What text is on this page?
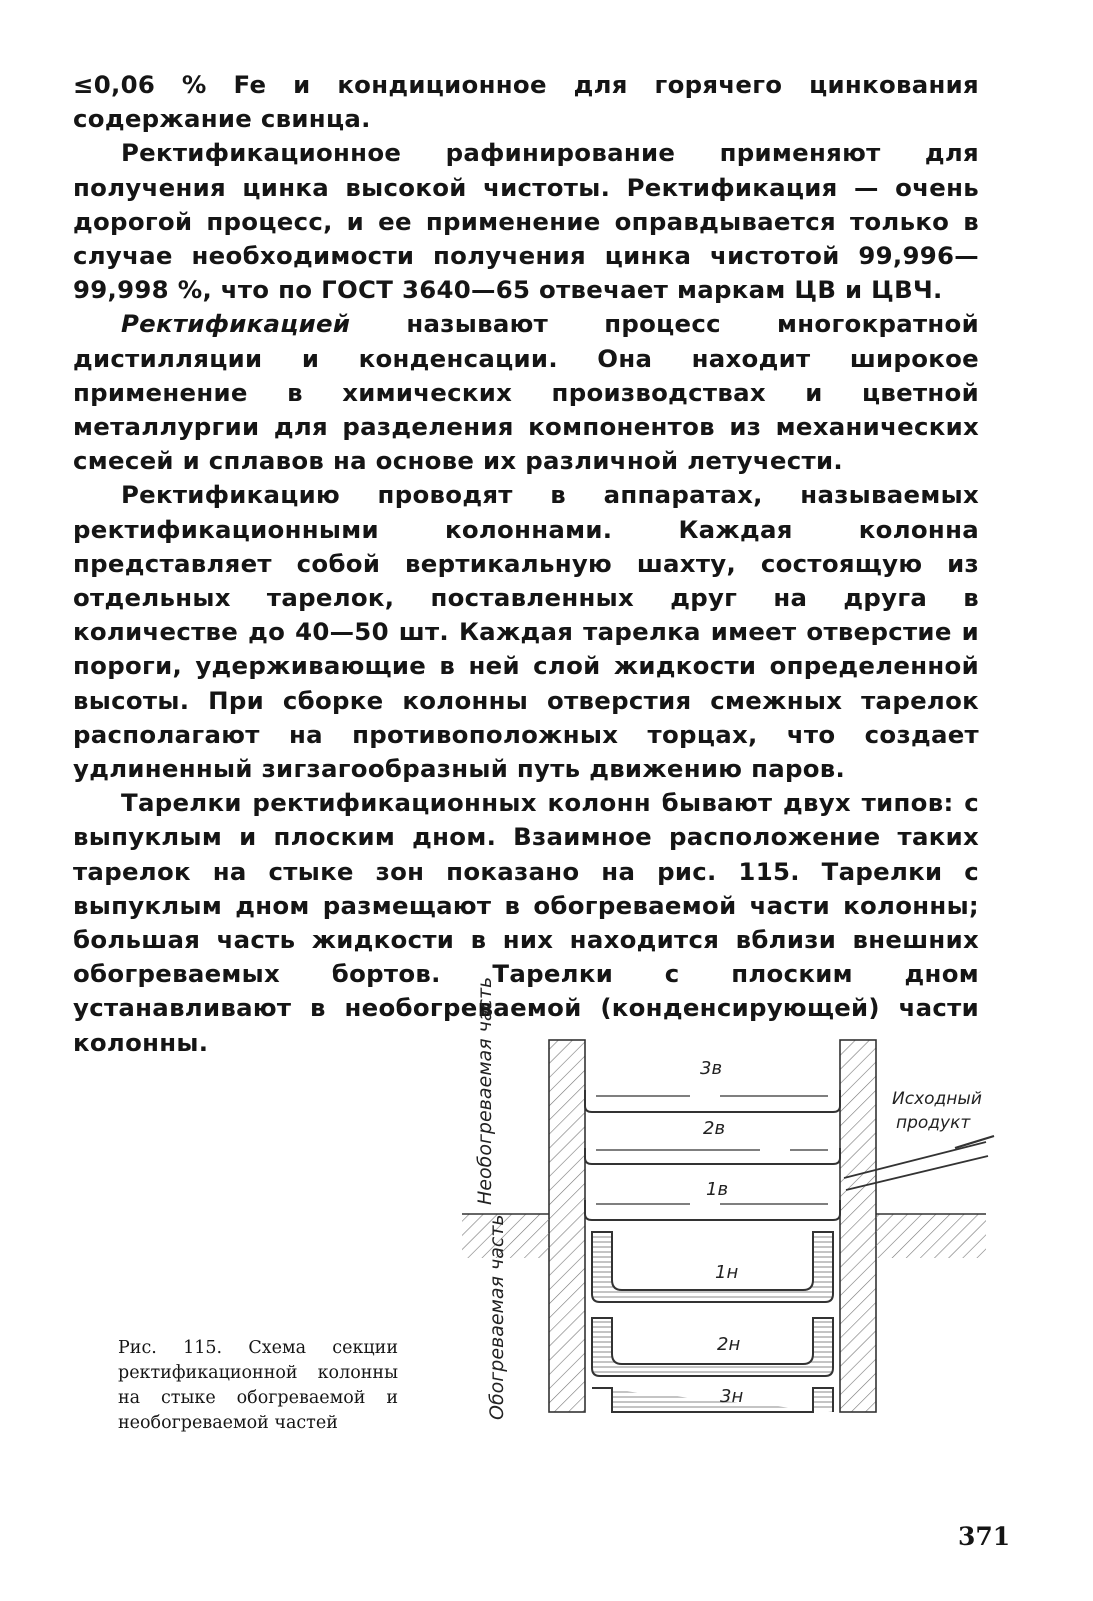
≤0,06 % Fe и кондиционное для горячего цинкования содержание свинца.

Ректификационное рафинирование применяют для получения цинка высокой чистоты. Ректификация — очень дорогой процесс, и ее применение оправдывается только в случае необходимости получения цинка чистотой 99,996—99,998 %, что по ГОСТ 3640—65 отвечает маркам ЦВ и ЦВЧ.

Ректификацией называют процесс многократной дистилляции и конденсации. Она находит широкое применение в химических производствах и цветной металлургии для разделения компонентов из механических смесей и сплавов на основе их различной летучести.

Ректификацию проводят в аппаратах, называемых ректификационными колоннами. Каждая колонна представляет собой вертикальную шахту, состоящую из отдельных тарелок, поставленных друг на друга в количестве до 40—50 шт. Каждая тарелка имеет отверстие и пороги, удерживающие в ней слой жидкости определенной высоты. При сборке колонны отверстия смежных тарелок располагают на противоположных торцах, что создает удлиненный зигзагообразный путь движению паров.

Тарелки ректификационных колонн бывают двух типов: с выпуклым и плоским дном. Взаимное расположение таких тарелок на стыке зон показано на рис. 115. Тарелки с выпуклым дном размещают в обогреваемой части колонны; большая часть жидкости в них находится вблизи внешних обогреваемых бортов. Тарелки с плоским дном устанавливают в необогреваемой (конденсирующей) части колонны.

Рис. 115. Схема секции ректификационной колонны на стыке обогреваемой и необогреваемой частей
Необогреваемая часть
Обогреваемая часть
3в
2в
1в
1н
2н
3н
Исходный
продукт
371
